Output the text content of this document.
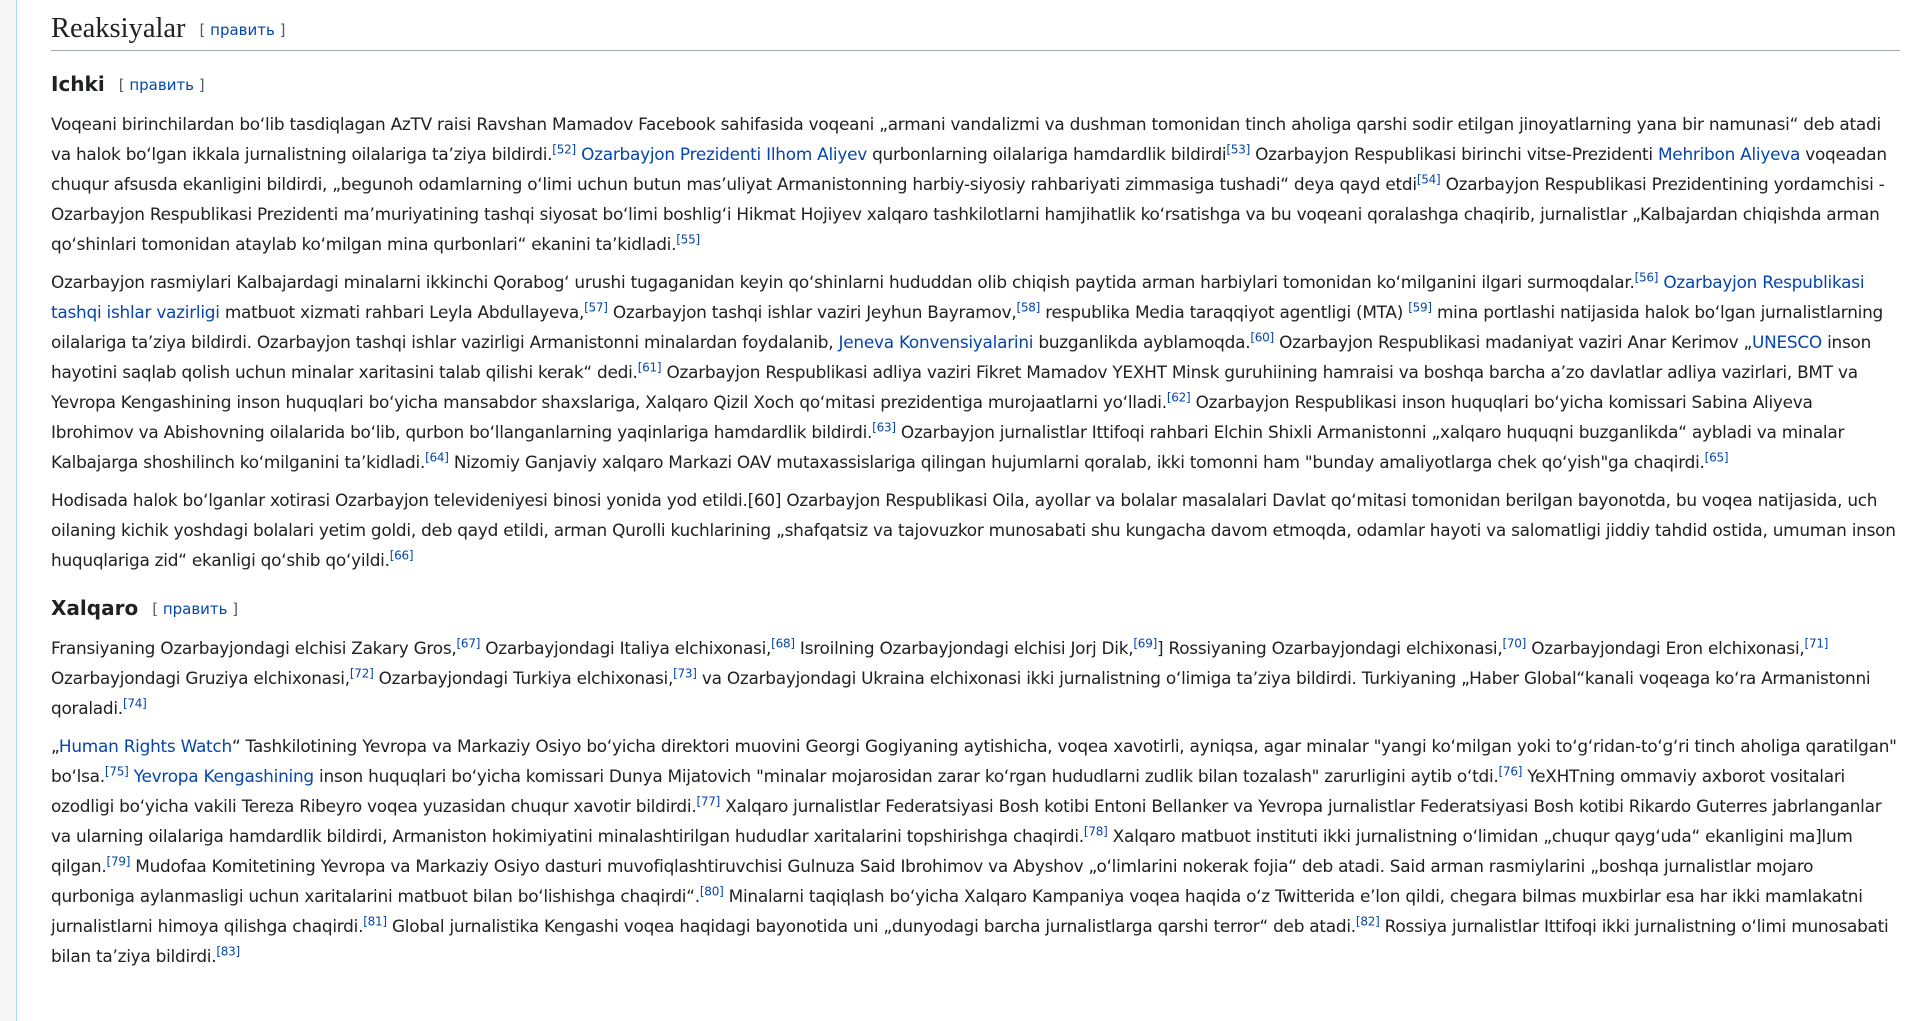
Reaksiyalar [ править ]
Ichki [ править ]

Voqeani birinchilardan bo‘lib tasdiqlagan AzTV raisi Ravshan Mamadov Facebook sahifasida voqeani „armani vandalizmi va dushman tomonidan tinch aholiga qarshi sodir etilgan jinoyatlarning yana bir namunasi“ deb atadi va halok bo‘lgan ikkala jurnalistning oilalariga ta’ziya bildirdi.[52] Ozarbayjon Prezidenti Ilhom Aliyev qurbonlarning oilalariga hamdardlik bildirdi[53] Ozarbayjon Respublikasi birinchi vitse-Prezidenti Mehribon Aliyeva voqeadan chuqur afsusda ekanligini bildirdi, „begunoh odamlarning o‘limi uchun butun mas’uliyat Armanistonning harbiy-siyosiy rahbariyati zimmasiga tushadi“ deya qayd etdi[54] Ozarbayjon Respublikasi Prezidentining yordamchisi - Ozarbayjon Respublikasi Prezidenti ma’muriyatining tashqi siyosat bo‘limi boshlig‘i Hikmat Hojiyev xalqaro tashkilotlarni hamjihatlik ko‘rsatishga va bu voqeani qoralashga chaqirib, jurnalistlar „Kalbajardan chiqishda arman qo‘shinlari tomonidan ataylab ko‘milgan mina qurbonlari“ ekanini ta’kidladi.[55]

Ozarbayjon rasmiylari Kalbajardagi minalarni ikkinchi Qorabog‘ urushi tugaganidan keyin qo‘shinlarni hududdan olib chiqish paytida arman harbiylari tomonidan ko‘milganini ilgari surmoqdalar.[56] Ozarbayjon Respublikasi tashqi ishlar vazirligi matbuot xizmati rahbari Leyla Abdullayeva,[57] Ozarbayjon tashqi ishlar vaziri Jeyhun Bayramov,[58] respublika Media taraqqiyot agentligi (MTA) [59] mina portlashi natijasida halok bo‘lgan jurnalistlarning oilalariga ta’ziya bildirdi. Ozarbayjon tashqi ishlar vazirligi Armanistonni minalardan foydalanib, Jeneva Konvensiyalarini buzganlikda ayblamoqda.[60] Ozarbayjon Respublikasi madaniyat vaziri Anar Kerimov „UNESCO inson hayotini saqlab qolish uchun minalar xaritasini talab qilishi kerak“ dedi.[61] Ozarbayjon Respublikasi adliya vaziri Fikret Mamadov YEXHT Minsk guruhiining hamraisi va boshqa barcha a’zo davlatlar adliya vazirlari, BMT va Yevropa Kengashining inson huquqlari bo‘yicha mansabdor shaxslariga, Xalqaro Qizil Xoch qo‘mitasi prezidentiga murojaatlarni yo‘lladi.[62] Ozarbayjon Respublikasi inson huquqlari bo‘yicha komissari Sabina Aliyeva Ibrohimov va Abishovning oilalarida bo‘lib, qurbon bo‘llanganlarning yaqinlariga hamdardlik bildirdi.[63] Ozarbayjon jurnalistlar Ittifoqi rahbari Elchin Shixli Armanistonni „xalqaro huquqni buzganlikda“ aybladi va minalar Kalbajarga shoshilinch ko‘milganini ta’kidladi.[64] Nizomiy Ganjaviy xalqaro Markazi OAV mutaxassislariga qilingan hujumlarni qoralab, ikki tomonni ham "bunday amaliyotlarga chek qo‘yish"ga chaqirdi.[65]

Hodisada halok bo‘lganlar xotirasi Ozarbayjon televideniyesi binosi yonida yod etildi.[60] Ozarbayjon Respublikasi Oila, ayollar va bolalar masalalari Davlat qo‘mitasi tomonidan berilgan bayonotda, bu voqea natijasida, uch oilaning kichik yoshdagi bolalari yetim goldi, deb qayd etildi, arman Qurolli kuchlarining „shafqatsiz va tajovuzkor munosabati shu kungacha davom etmoqda, odamlar hayoti va salomatligi jiddiy tahdid ostida, umuman inson huquqlariga zid“ ekanligi qo‘shib qo‘yildi.[66]

Xalqaro [ править ]

Fransiyaning Ozarbayjondagi elchisi Zakary Gros,[67] Ozarbayjondagi Italiya elchixonasi,[68] Isroilning Ozarbayjondagi elchisi Jorj Dik,[69]] Rossiyaning Ozarbayjondagi elchixonasi,[70] Ozarbayjondagi Eron elchixonasi,[71] Ozarbayjondagi Gruziya elchixonasi,[72] Ozarbayjondagi Turkiya elchixonasi,[73] va Ozarbayjondagi Ukraina elchixonasi ikki jurnalistning o‘limiga ta’ziya bildirdi. Turkiyaning „Haber Global“kanali voqeaga ko‘ra Armanistonni qoraladi.[74]

„Human Rights Watch“ Tashkilotining Yevropa va Markaziy Osiyo bo‘yicha direktori muovini Georgi Gogiyaning aytishicha, voqea xavotirli, ayniqsa, agar minalar "yangi ko‘milgan yoki to‘g‘ridan-to‘g‘ri tinch aholiga qaratilgan" bo‘lsa.[75] Yevropa Kengashining inson huquqlari bo‘yicha komissari Dunya Mijatovich "minalar mojarosidan zarar ko‘rgan hududlarni zudlik bilan tozalash" zarurligini aytib o‘tdi.[76] YeXHTning ommaviy axborot vositalari ozodligi bo‘yicha vakili Tereza Ribeyro voqea yuzasidan chuqur xavotir bildirdi.[77] Xalqaro jurnalistlar Federatsiyasi Bosh kotibi Entoni Bellanker va Yevropa jurnalistlar Federatsiyasi Bosh kotibi Rikardo Guterres jabrlanganlar va ularning oilalariga hamdardlik bildirdi, Armaniston hokimiyatini minalashtirilgan hududlar xaritalarini topshirishga chaqirdi.[78] Xalqaro matbuot instituti ikki jurnalistning o‘limidan „chuqur qayg‘uda“ ekanligini ma]lum qilgan.[79] Mudofaa Komitetining Yevropa va Markaziy Osiyo dasturi muvofiqlashtiruvchisi Gulnuza Said Ibrohimov va Abyshov „o‘limlarini nokerak fojia“ deb atadi. Said arman rasmiylarini „boshqa jurnalistlar mojaro qurboniga aylanmasligi uchun xaritalarini matbuot bilan bo‘lishishga chaqirdi“.[80] Minalarni taqiqlash bo‘yicha Xalqaro Kampaniya voqea haqida o‘z Twitterida e’lon qildi, chegara bilmas muxbirlar esa har ikki mamlakatni jurnalistlarni himoya qilishga chaqirdi.[81] Global jurnalistika Kengashi voqea haqidagi bayonotida uni „dunyodagi barcha jurnalistlarga qarshi terror“ deb atadi.[82] Rossiya jurnalistlar Ittifoqi ikki jurnalistning o‘limi munosabati bilan ta’ziya bildirdi.[83]
